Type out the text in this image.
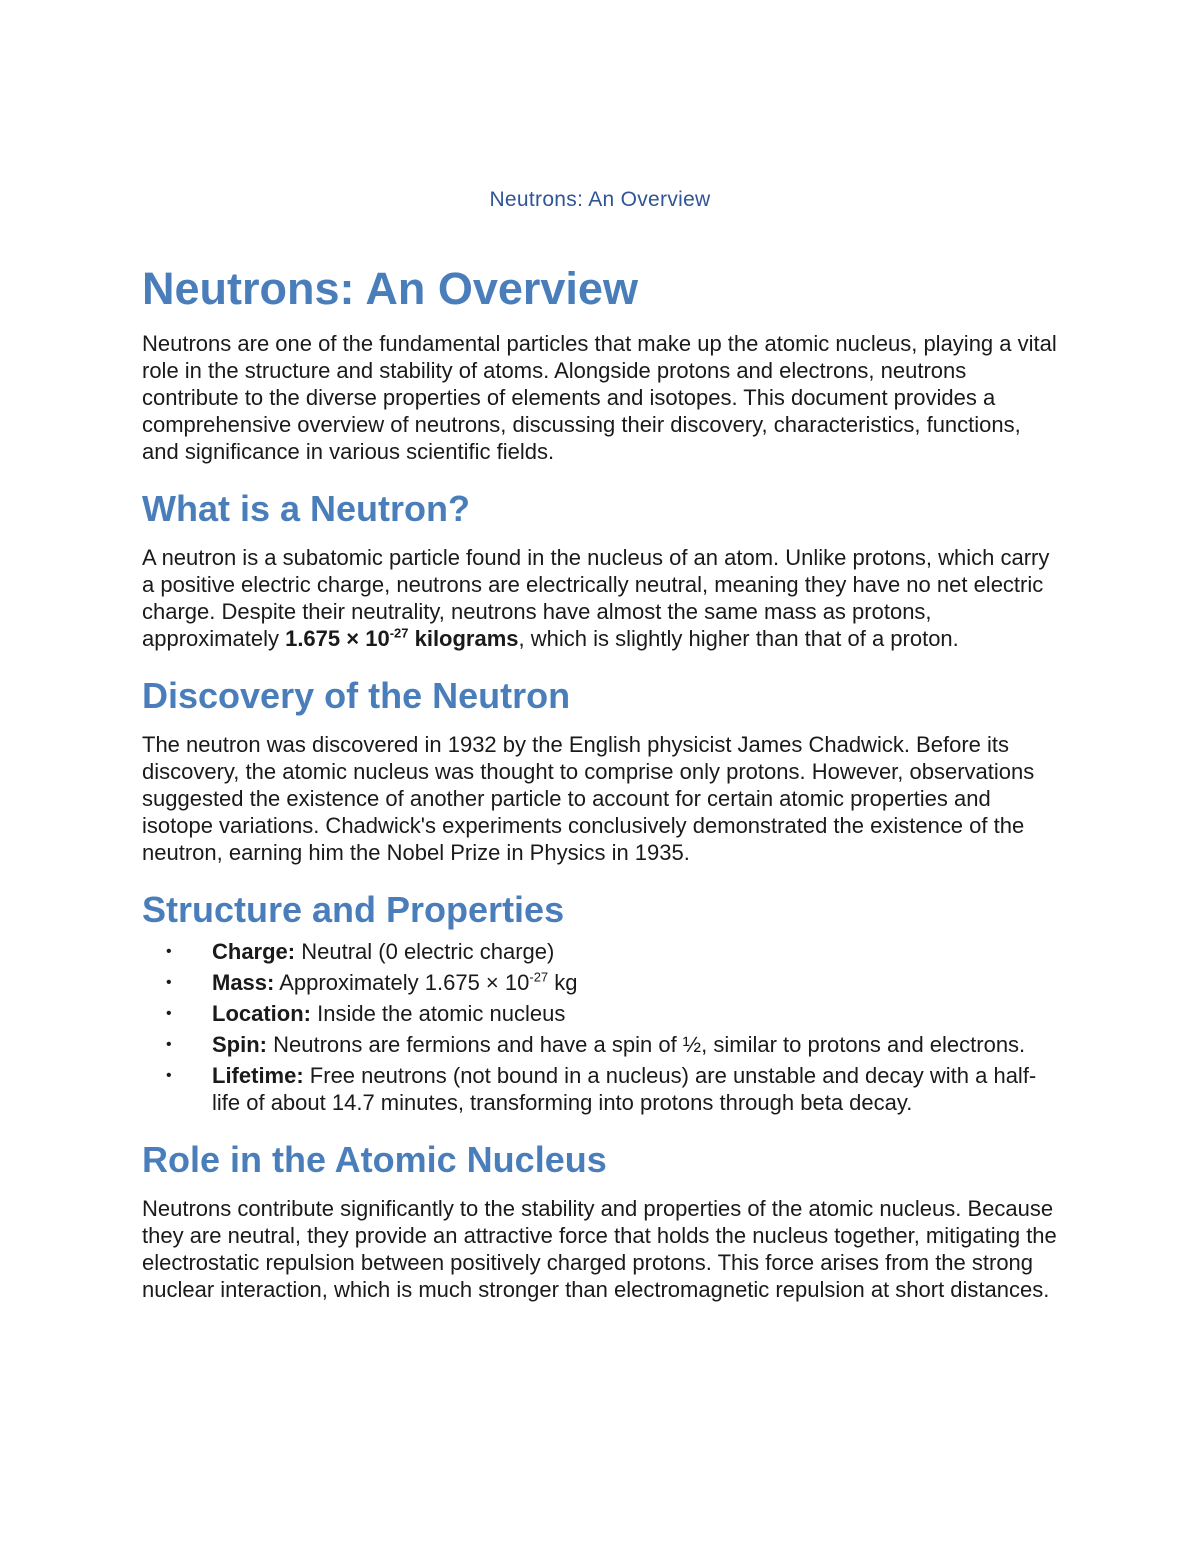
Neutrons: An Overview
Neutrons: An Overview

Neutrons are one of the fundamental particles that make up the atomic nucleus, playing a vital role in the structure and stability of atoms. Alongside protons and electrons, neutrons contribute to the diverse properties of elements and isotopes. This document provides a comprehensive overview of neutrons, discussing their discovery, characteristics, functions, and significance in various scientific fields.

What is a Neutron?

A neutron is a subatomic particle found in the nucleus of an atom. Unlike protons, which carry a positive electric charge, neutrons are electrically neutral, meaning they have no net electric charge. Despite their neutrality, neutrons have almost the same mass as protons, approximately $1.675 \times 10^{-27}$ kilograms, which is slightly higher than that of a proton.

Discovery of the Neutron

The neutron was discovered in 1932 by the English physicist James Chadwick. Before its discovery, the atomic nucleus was thought to comprise only protons. However, observations suggested the existence of another particle to account for certain atomic properties and isotope variations. Chadwick's experiments conclusively demonstrated the existence of the neutron, earning him the Nobel Prize in Physics in 1935.

Structure and Properties
• Charge: Neutral (0 electric charge)
• Mass: Approximately $1.675 \times 10^{-27}$ kg
• Location: Inside the atomic nucleus
• Spin: Neutrons are fermions and have a spin of ½, similar to protons and electrons.
• Lifetime: Free neutrons (not bound in a nucleus) are unstable and decay with a half-life of about 14.7 minutes, transforming into protons through beta decay.
Role in the Atomic Nucleus

Neutrons contribute significantly to the stability and properties of the atomic nucleus. Because they are neutral, they provide an attractive force that holds the nucleus together, mitigating the electrostatic repulsion between positively charged protons. This force arises from the strong nuclear interaction, which is much stronger than electromagnetic repulsion at short distances.
